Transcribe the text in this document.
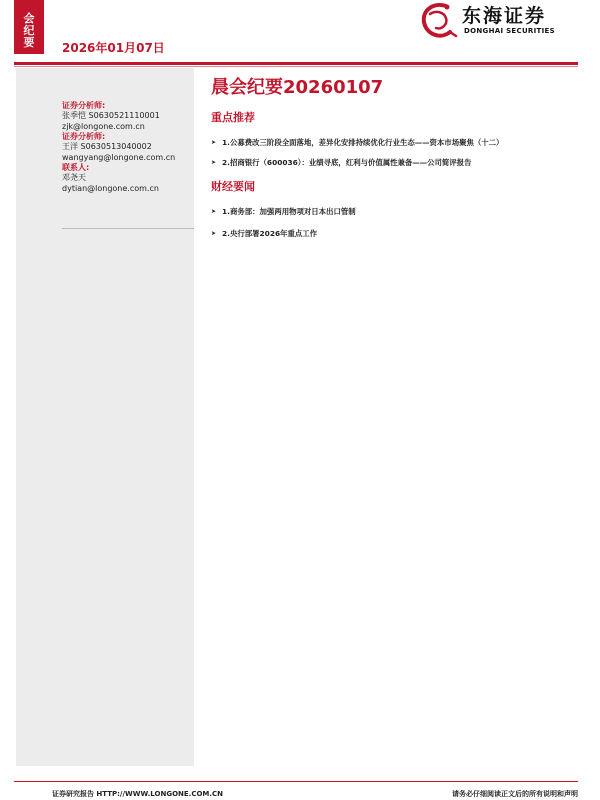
会
纪
要 2026年01月07日
东海证券
DONGHAI SECURITIES
证券分析师:
张季恺 S0630521110001
zjk@longone.com.cn
证券分析师:
王洋 S0630513040002
wangyang@longone.com.cn
联系人:
邓尧天
dytian@longone.com.cn
晨会纪要20260107
重点推荐
➤ 1.公募费改三阶段全面落地，差异化安排持续优化行业生态——资本市场聚焦（十二）
➤ 2.招商银行（600036）：业绩寻底，红利与价值属性兼备——公司简评报告
财经要闻
➤ 1.商务部：加强两用物项对日本出口管制
➤ 2.央行部署2026年重点工作
证券研究报告 HTTP://WWW.LONGONE.COM.CN	请务必仔细阅读正文后的所有说明和声明
